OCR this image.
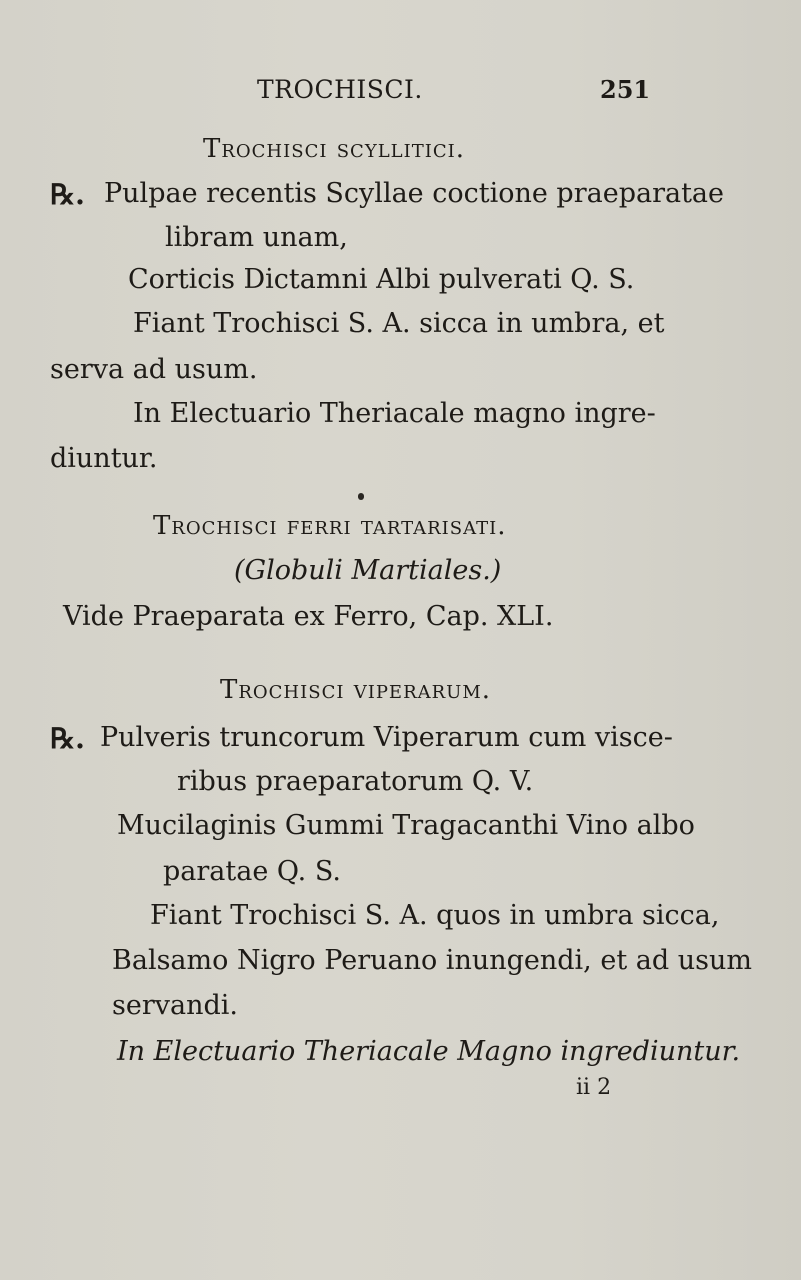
TROCHISCI.	251
Trochisci scyllitici.
℞. Pulpae recentis Scyllae coctione praeparatae
libram unam,
Corticis Dictamni Albi pulverati Q. S.
Fiant Trochisci S. A. sicca in umbra, et
serva ad usum.
In Electuario Theriacale magno ingre-
diuntur.
Trochisci ferri tartarisati.
(Globuli Martiales.)
Vide Praeparata ex Ferro, Cap. XLI.
Trochisci viperarum.
℞. Pulveris truncorum Viperarum cum visce-
ribus praeparatorum Q. V.
Mucilaginis Gummi Tragacanthi Vino albo
paratae Q. S.
Fiant Trochisci S. A. quos in umbra sicca,
Balsamo Nigro Peruano inungendi, et ad usum
servandi.
In Electuario Theriacale Magno ingrediuntur.
ii 2
